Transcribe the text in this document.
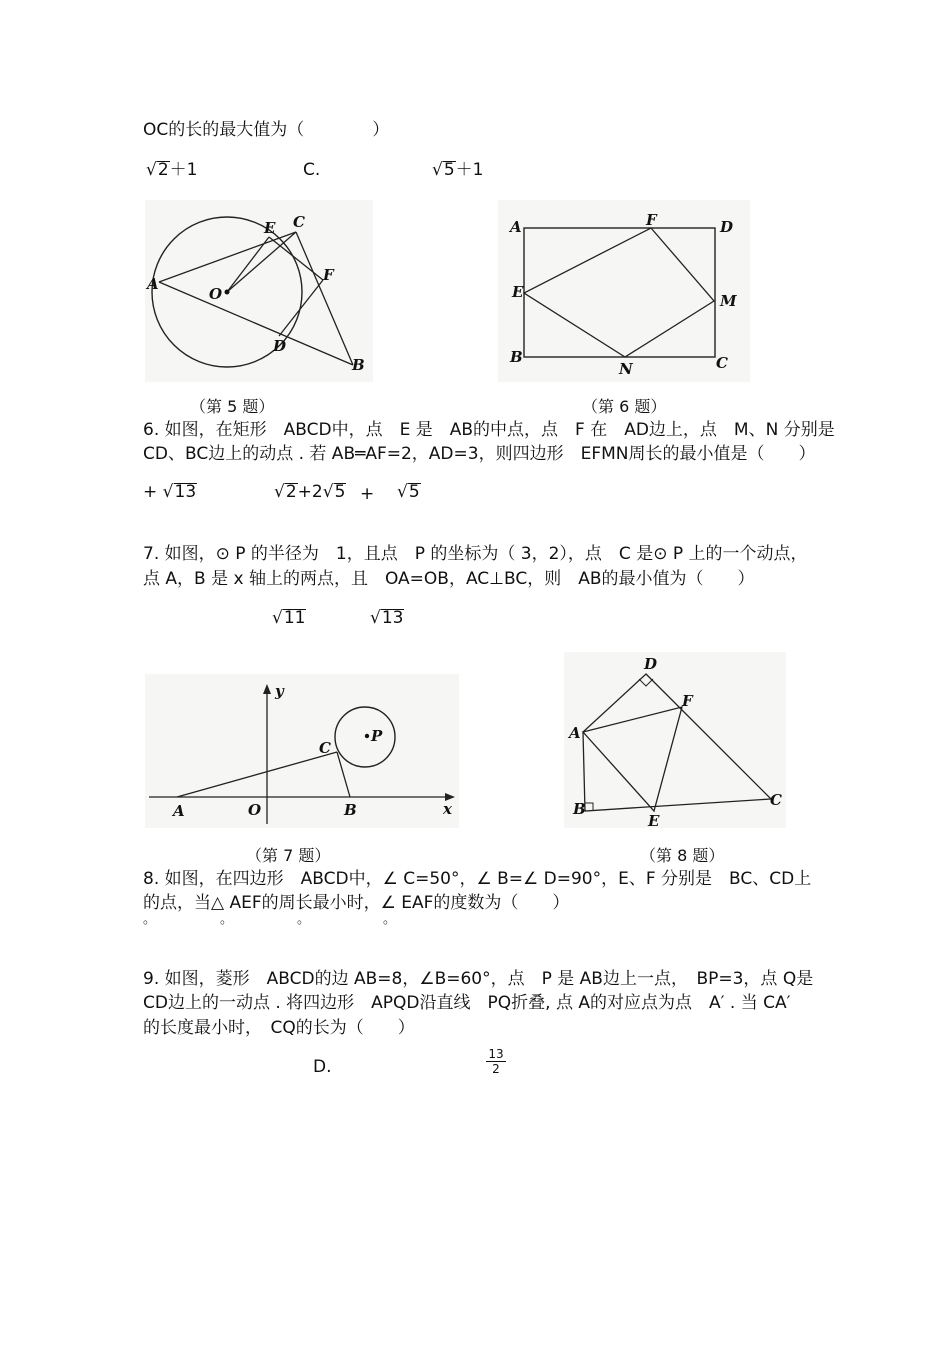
OC的长的最大值为（　　　　）
√2＋1	C.	√5＋1
A
O
E C
F
D
B
A	F	D
E	M
B
N	C
（第 5 题）	（第 6 题）
6. 如图，在矩形　ABCD中，点　E 是　AB的中点，点　F 在　AD边上，点　M、N 分别是
CD、BC边上的动点 . 若 AB═AF=2，AD=3，则四边形　EFMN周长的最小值是（　　）
+ √13	√2+2√5 + √5
7. 如图，⊙ P 的半径为　1，且点　P 的坐标为（ 3，2），点　C 是⊙ P 上的一个动点，
点 A，B 是 x 轴上的两点，且　OA=OB，AC⊥BC，则　AB的最小值为（　　）
√11	√13
y
C
P
A	O	B	x
D
F
A
B
E
C
（第 7 题）	（第 8 题）
8. 如图，在四边形　ABCD中，∠ C=50°，∠ B=∠ D=90°，E、F 分别是　BC、CD上
的点，当△ AEF的周长最小时，∠ EAF的度数为（　　）
。	。	。	。
9. 如图，菱形　ABCD的边 AB=8，∠B=60°，点　P 是 AB边上一点，　BP=3，点 Q是
CD边上的一动点 . 将四边形　APQD沿直线　PQ折叠, 点 A的对应点为点　A′ . 当 CA′
的长度最小时，　CQ的长为（　　）
D.	$\frac{13}{2}$
